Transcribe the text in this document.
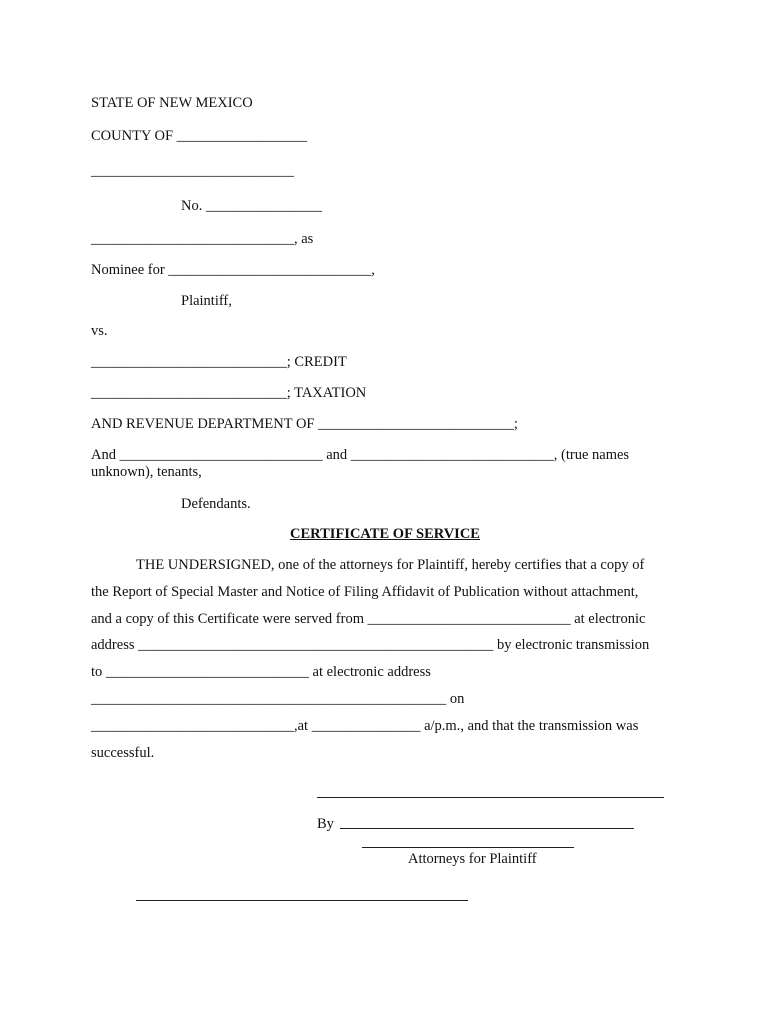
STATE OF NEW MEXICO
COUNTY OF __________________
____________________________
No. ________________
____________________________, as
Nominee for ____________________________,
Plaintiff,
vs.
___________________________; CREDIT
___________________________; TAXATION
AND REVENUE DEPARTMENT OF ___________________________;
And ____________________________ and ____________________________, (true names
unknown), tenants,
Defendants.
CERTIFICATE OF SERVICE
THE UNDERSIGNED, one of the attorneys for Plaintiff, hereby certifies that a copy of
the Report of Special Master and Notice of Filing Affidavit of Publication without attachment,
and a copy of this Certificate were served from ____________________________ at electronic
address _________________________________________________ by electronic transmission
to ____________________________ at electronic address
_________________________________________________ on
____________________________,at _______________ a/p.m., and that the transmission was
successful.
By
Attorneys for Plaintiff
